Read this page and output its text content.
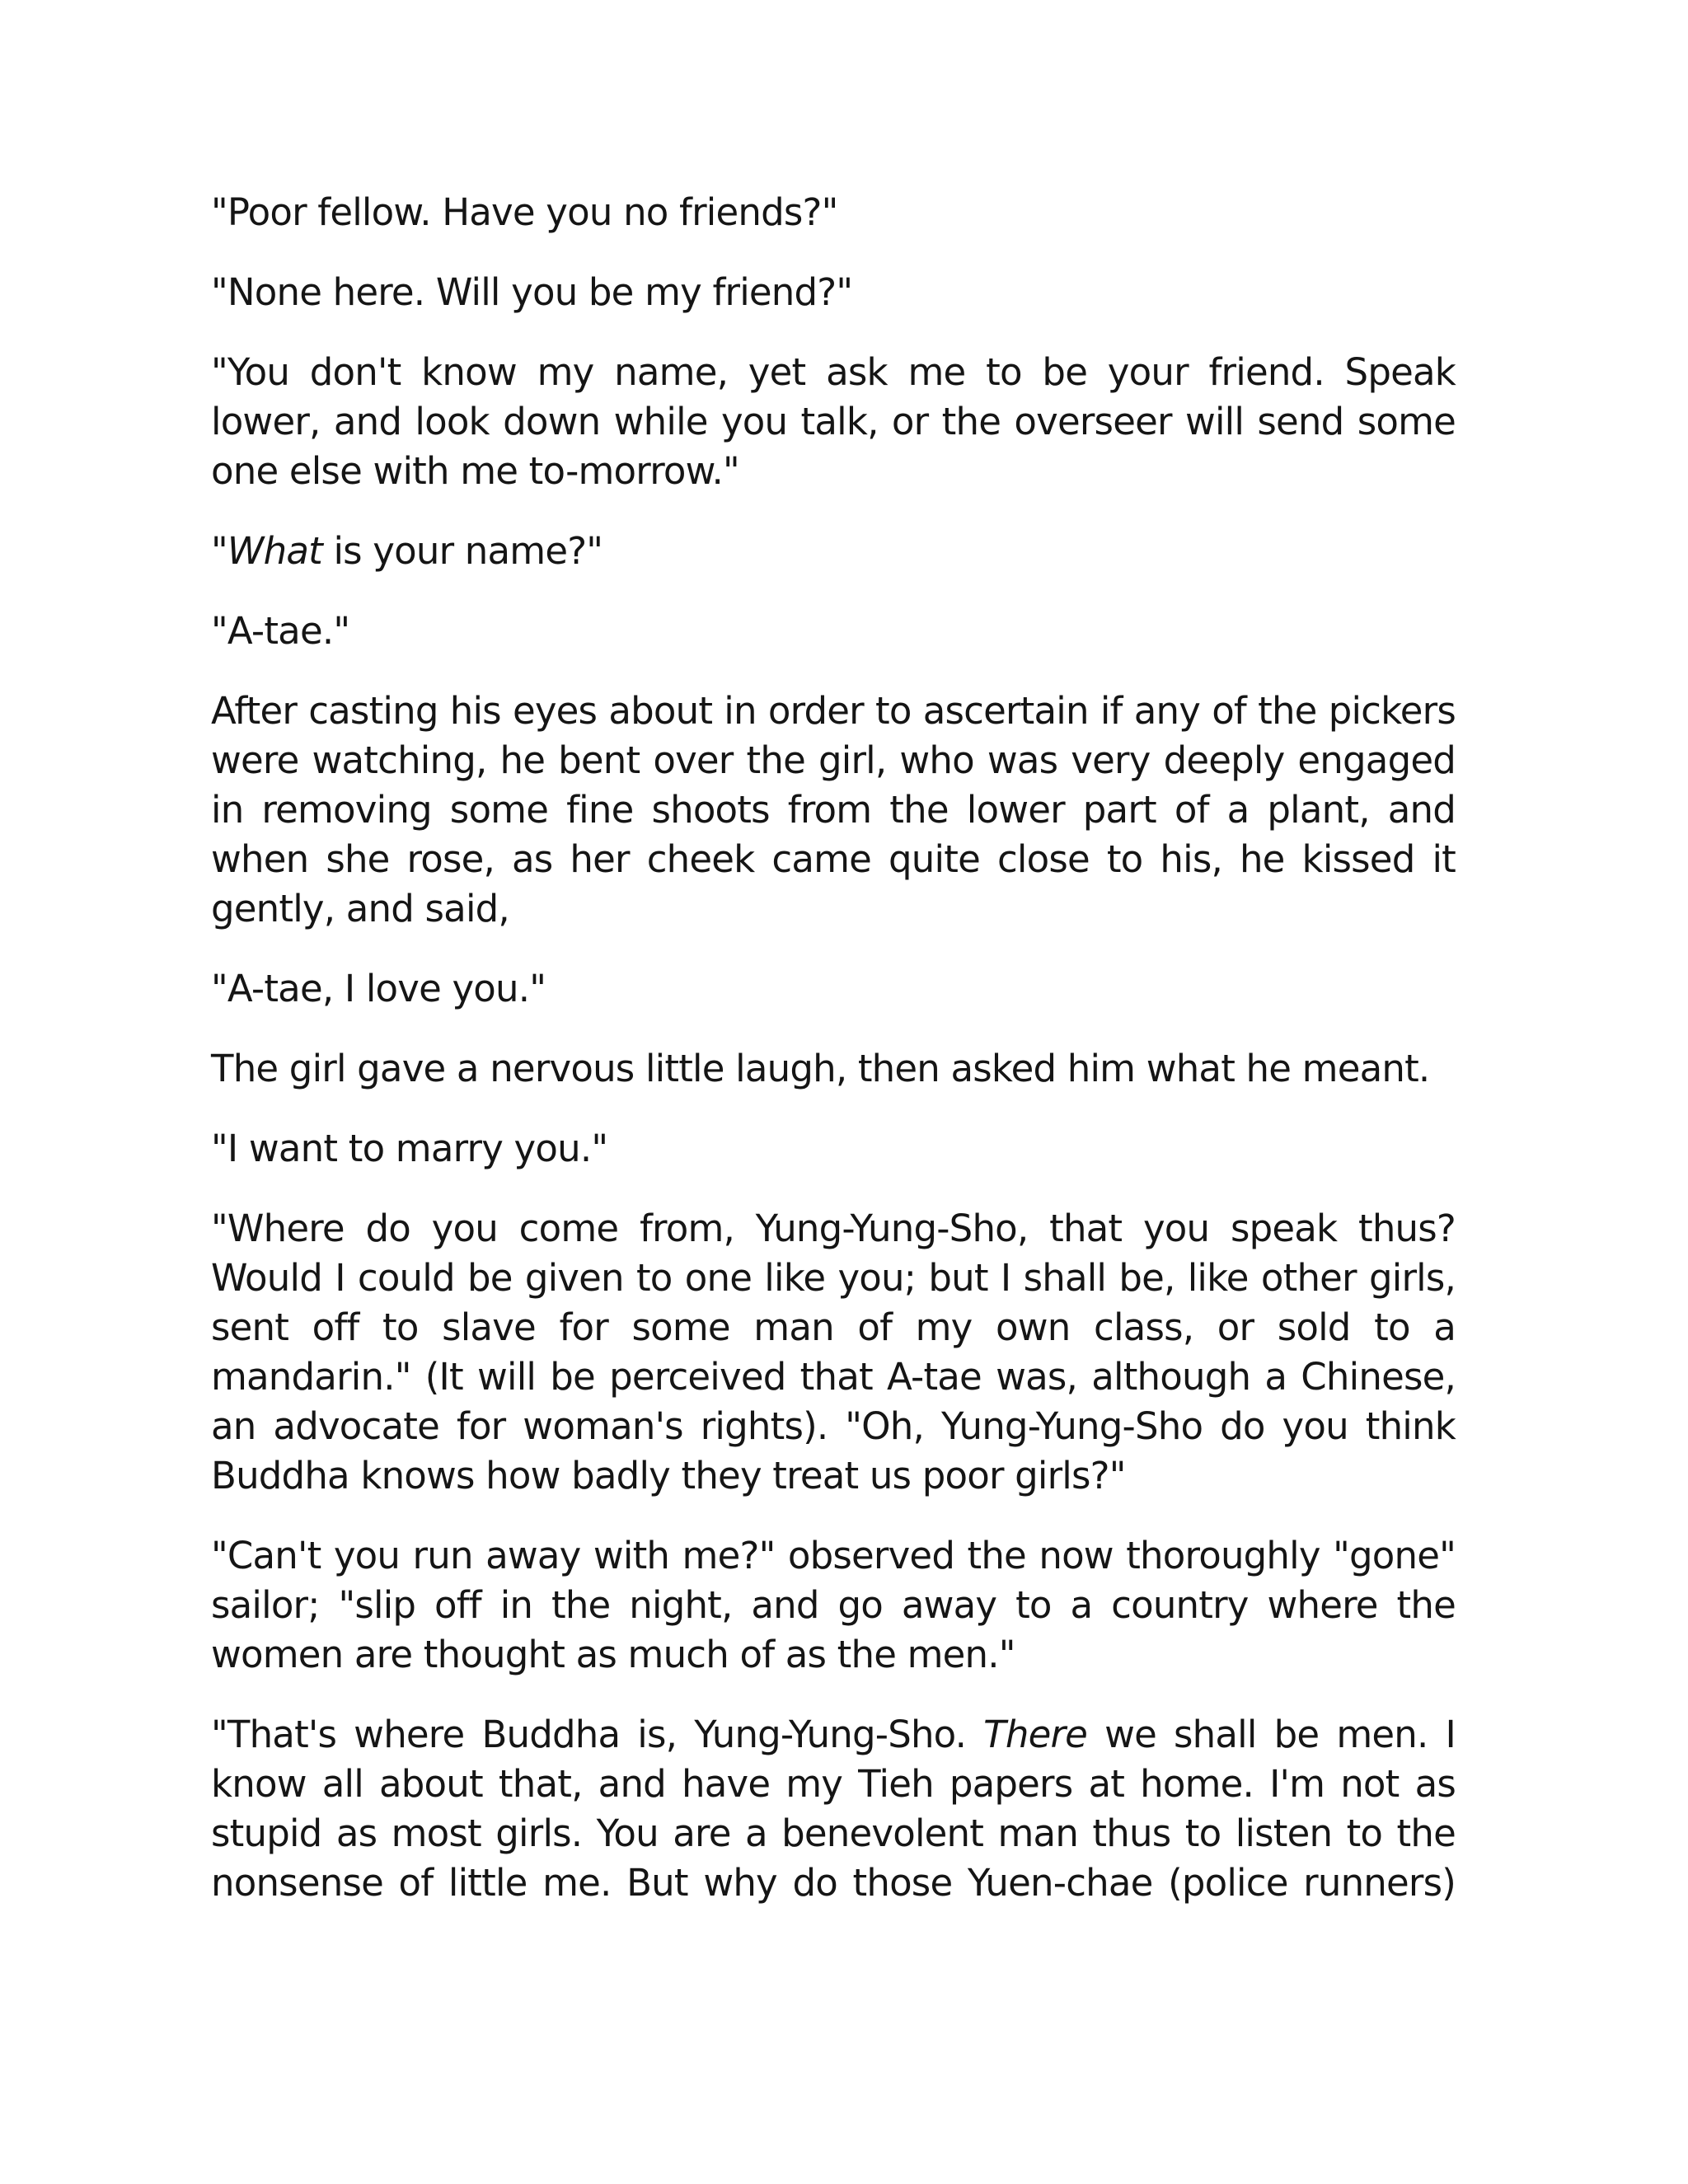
"Poor fellow. Have you no friends?"

"None here. Will you be my friend?"

"You don't know my name, yet ask me to be your friend. Speak lower, and look down while you talk, or the overseer will send some one else with me to-morrow."

"What is your name?"

"A-tae."

After casting his eyes about in order to ascertain if any of the pickers were watching, he bent over the girl, who was very deeply engaged in removing some fine shoots from the lower part of a plant, and when she rose, as her cheek came quite close to his, he kissed it gently, and said,

"A-tae, I love you."

The girl gave a nervous little laugh, then asked him what he meant.

"I want to marry you."

"Where do you come from, Yung-Yung-Sho, that you speak thus? Would I could be given to one like you; but I shall be, like other girls, sent off to slave for some man of my own class, or sold to a mandarin." (It will be perceived that A-tae was, although a Chinese, an advocate for woman's rights). "Oh, Yung-Yung-Sho do you think Buddha knows how badly they treat us poor girls?"

"Can't you run away with me?" observed the now thoroughly "gone" sailor; "slip off in the night, and go away to a country where the women are thought as much of as the men."

"That's where Buddha is, Yung-Yung-Sho. There we shall be men. I know all about that, and have my Tieh papers at home. I'm not as stupid as most girls. You are a benevolent man thus to listen to the nonsense of little me. But why do those Yuen-chae (police runners)
